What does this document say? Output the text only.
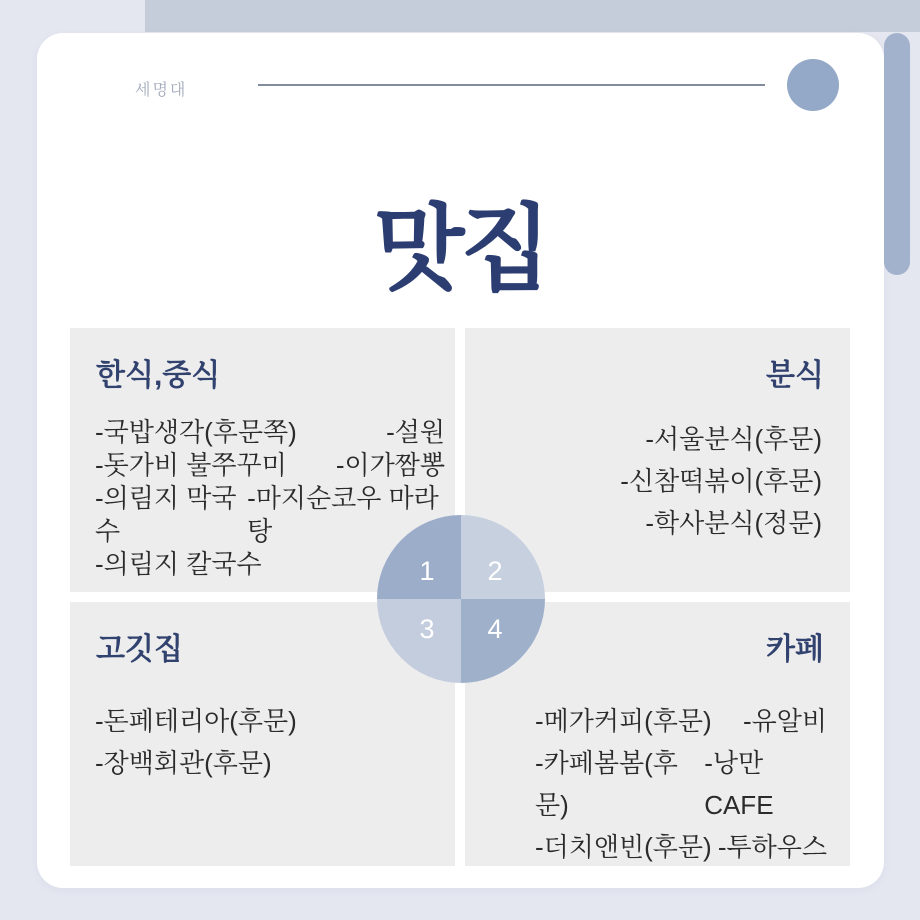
세명대
맛집
한식,중식
-국밥생각(후문쪽)	-설원
-돗가비 불쭈꾸미 -이가짬뽕
-의림지 막국수
-마지순코우 마라탕
-의림지 칼국수
분식
-서울분식(후문)
-신참떡볶이(후문)
-학사분식(정문)
고깃집
-돈페테리아(후문)
-장백회관(후문)
카페
-메가커피(후문) -유알비
-카페봄봄(후문)
-낭만CAFE
-더치앤빈(후문) -투하우스
1 2
3 4
